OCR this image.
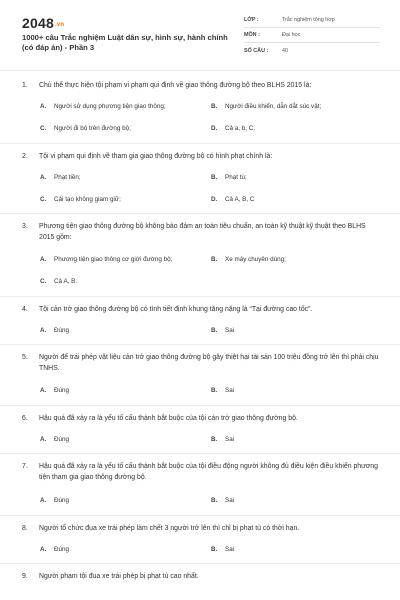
2048.vn
1000+ câu Trắc nghiệm Luật dân sự, hình sự, hành chính (có đáp án) - Phần 3
LỚP :	Trắc nghiệm tổng hợp
MÔN :	Đại học
SỐ CÂU :	40
1. Chủ thể thực hiện tội phạm vi phạm qui định về giao thông đường bộ theo BLHS 2015 là:
A. Người sử dụng phương tiện giao thông;	B. Người điều khiển, dẫn dắt súc vật;
C. Người đi bộ trên đường bộ;	D. Cả a, b, C.
2. Tội vi phạm qui định về tham gia giao thông đường bộ có hình phạt chính là:
A. Phạt tiền;	B. Phạt tù;
C. Cải tạo không giam giữ;	D. Cả A, B, C
3. Phương tiện giao thông đường bộ không bảo đảm an toàn tiêu chuẩn, an toàn kỹ thuật kỹ thuật theo BLHS 2015 gồm:
A. Phương tiện giao thông cơ giới đường bộ;	B. Xe máy chuyên dùng;
C. Cả A, B.
4. Tội cản trở giao thông đường bộ có tình tiết định khung tăng nặng là “Tại đường cao tốc”.
A. Đúng	B. Sai
5. Người để trái phép vật liệu cản trở giao thông đường bộ gây thiệt hại tài sản 100 triệu đồng trở lên thì phải chịu TNHS.
A. Đúng	B. Sai
6. Hậu quả đã xảy ra là yếu tố cấu thành bắt buộc của tội cản trở giao thông đường bộ.
A. Đúng	B. Sai
7. Hậu quả đã xảy ra là yếu tố cấu thành bắt buộc của tội điều động người không đủ điều kiện điều khiển phương tiện tham gia giao thông đường bộ.
A. Đúng	B. Sai
8. Người tổ chức đua xe trái phép làm chết 3 người trở lên thì chỉ bị phạt tù có thời hạn.
A. Đúng	B. Sai
9. Người phạm tội đua xe trái phép bị phạt tù cao nhất.
